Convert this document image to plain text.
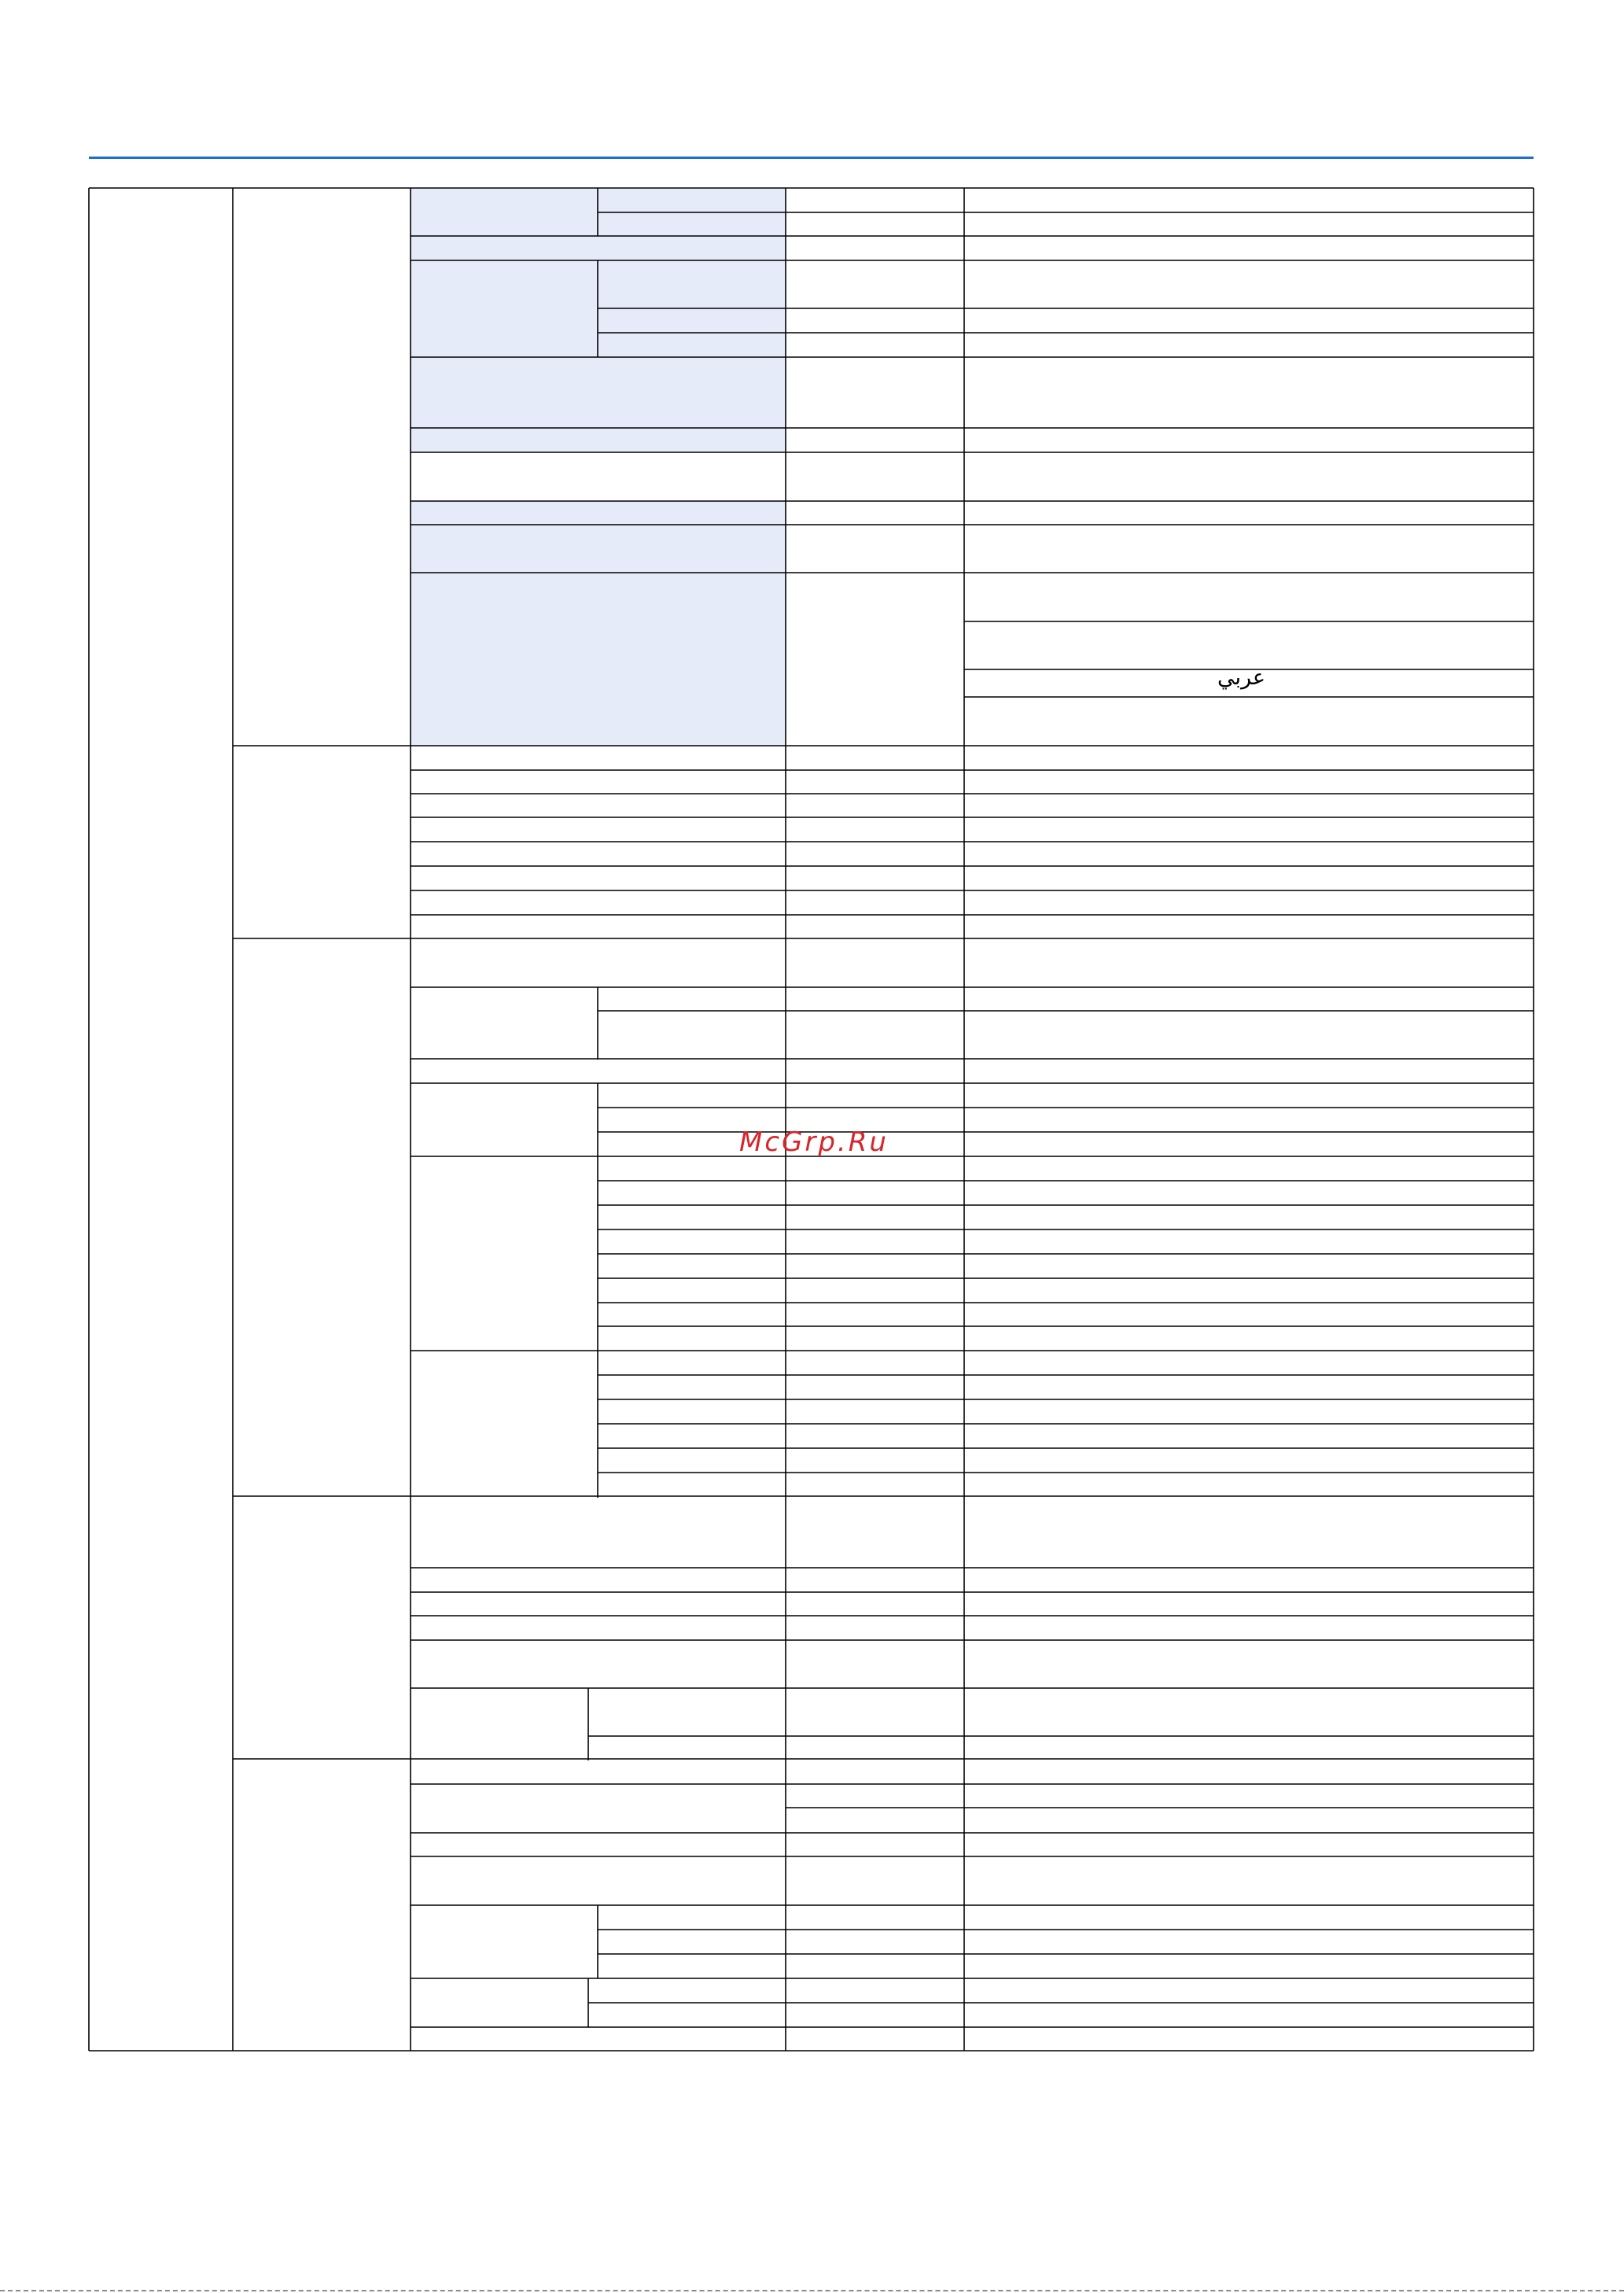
عربي
McGrp.Ru
